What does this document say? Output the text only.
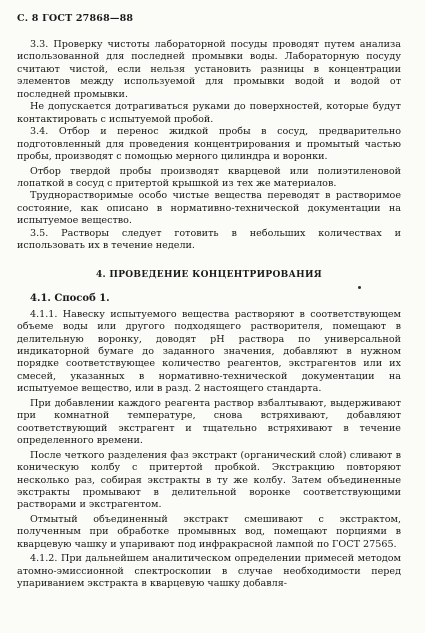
С. 8 ГОСТ 27868—88

3.3. Проверку чистоты лабораторной посуды проводят путем анализа использованной для последней промывки воды. Лабораторную посуду считают чистой, если нельзя установить разницы в концентрации элементов между используемой для промывки водой и водой от последней промывки.

Не допускается дотрагиваться руками до поверхностей, которые будут контактировать с испытуемой пробой.

3.4. Отбор и перенос жидкой пробы в сосуд, предварительно подготовленный для проведения концентрирования и промытый частью пробы, производят с помощью мерного цилиндра и воронки.

Отбор твердой пробы производят кварцевой или полиэтиленовой лопаткой в сосуд с притертой крышкой из тех же материалов.

Труднорастворимые особо чистые вещества переводят в растворимое состояние, как описано в нормативно-технической документации на испытуемое вещество.

3.5. Растворы следует готовить в небольших количествах и использовать их в течение недели.

4. ПРОВЕДЕНИЕ КОНЦЕНТРИРОВАНИЯ

4.1. Способ 1.

4.1.1. Навеску испытуемого вещества растворяют в соответствующем объеме воды или другого подходящего растворителя, помещают в делительную воронку, доводят рН раствора по универсальной индикаторной бумаге до заданного значения, добавляют в нужном порядке соответствующее количество реагентов, экстрагентов или их смесей, указанных в нормативно-технической документации на испытуемое вещество, или в разд. 2 настоящего стандарта.

При добавлении каждого реагента раствор взбалтывают, выдерживают при комнатной температуре, снова встряхивают, добавляют соответствующий экстрагент и тщательно встряхивают в течение определенного времени.

После четкого разделения фаз экстракт (органический слой) сливают в коническую колбу с притертой пробкой. Экстракцию повторяют несколько раз, собирая экстракты в ту же колбу. Затем объединенные экстракты промывают в делительной воронке соответствующими растворами и экстрагентом.

Отмытый объединенный экстракт смешивают с экстрактом, полученным при обработке промывных вод, помещают порциями в кварцевую чашку и упаривают под инфракрасной лампой по ГОСТ 27565.

4.1.2. При дальнейшем аналитическом определении примесей методом атомно-эмиссионной спектроскопии в случае необходимости перед упариванием экстракта в кварцевую чашку добавля-
